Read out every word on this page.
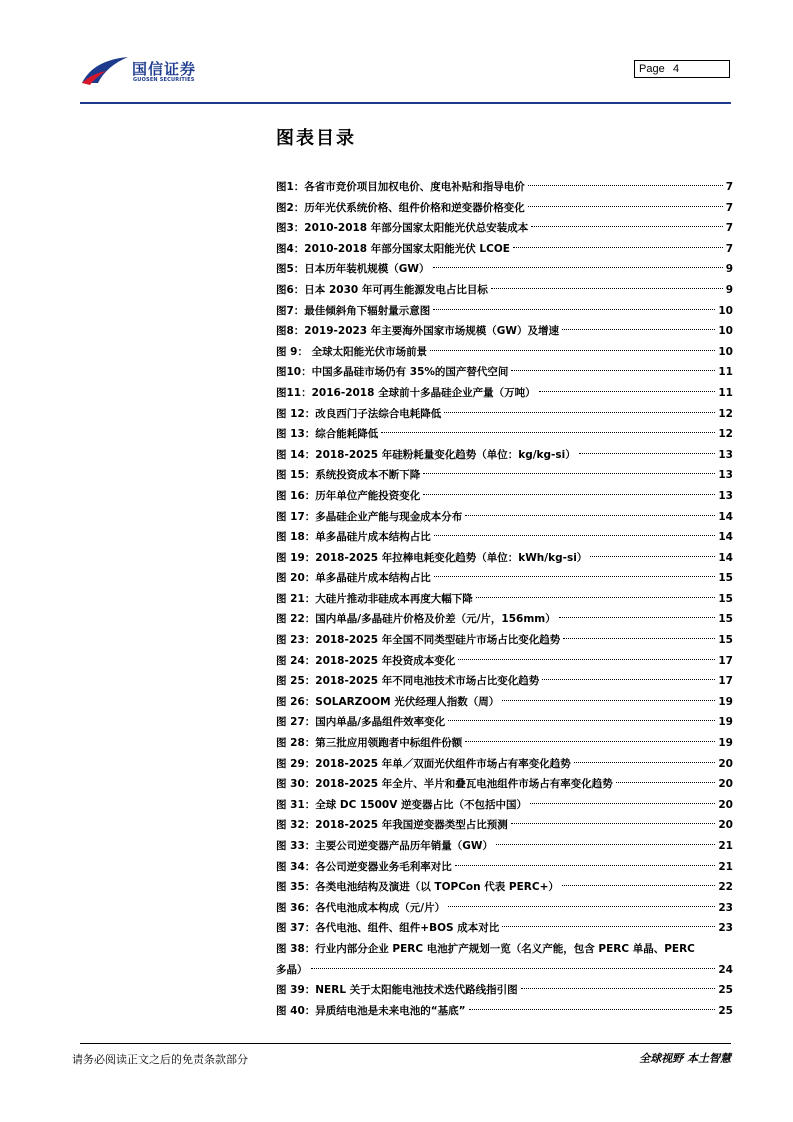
国信证券
GUOSEN SECURITIES
Page 4
图表目录
图1：各省市竞价项目加权电价、度电补贴和指导电价	7
图2：历年光伏系统价格、组件价格和逆变器价格变化	7
图3：2010-2018 年部分国家太阳能光伏总安装成本	7
图4：2010-2018 年部分国家太阳能光伏 LCOE	7
图5：日本历年装机规模（GW）	9
图6：日本 2030 年可再生能源发电占比目标	9
图7：最佳倾斜角下辐射量示意图	10
图8：2019-2023 年主要海外国家市场规模（GW）及增速	10
图 9： 全球太阳能光伏市场前景	10
图10：中国多晶硅市场仍有 35%的国产替代空间	11
图11：2016-2018 全球前十多晶硅企业产量（万吨）	11
图 12：改良西门子法综合电耗降低	12
图 13：综合能耗降低	12
图 14：2018-2025 年硅粉耗量变化趋势（单位：kg/kg-si）	13
图 15：系统投资成本不断下降	13
图 16：历年单位产能投资变化	13
图 17：多晶硅企业产能与现金成本分布	14
图 18：单多晶硅片成本结构占比	14
图 19：2018-2025 年拉棒电耗变化趋势（单位：kWh/kg-si）	14
图 20：单多晶硅片成本结构占比	15
图 21：大硅片推动非硅成本再度大幅下降	15
图 22：国内单晶/多晶硅片价格及价差（元/片，156mm）	15
图 23：2018-2025 年全国不同类型硅片市场占比变化趋势	15
图 24：2018-2025 年投资成本变化	17
图 25：2018-2025 年不同电池技术市场占比变化趋势	17
图 26：SOLARZOOM 光伏经理人指数（周）	19
图 27：国内单晶/多晶组件效率变化	19
图 28：第三批应用领跑者中标组件份额	19
图 29：2018-2025 年单／双面光伏组件市场占有率变化趋势	20
图 30：2018-2025 年全片、半片和叠瓦电池组件市场占有率变化趋势	20
图 31：全球 DC 1500V 逆变器占比（不包括中国）	20
图 32：2018-2025 年我国逆变器类型占比预测	20
图 33：主要公司逆变器产品历年销量（GW）	21
图 34：各公司逆变器业务毛利率对比	21
图 35：各类电池结构及演进（以 TOPCon 代表 PERC+）	22
图 36：各代电池成本构成（元/片）	23
图 37：各代电池、组件、组件+BOS 成本对比	23
图 38：行业内部分企业 PERC 电池扩产规划一览（名义产能，包含 PERC 单晶、PERC
多晶）	24
图 39：NERL 关于太阳能电池技术迭代路线指引图	25
图 40：异质结电池是未来电池的“基底”	25
请务必阅读正文之后的免责条款部分	全球视野 本土智慧
